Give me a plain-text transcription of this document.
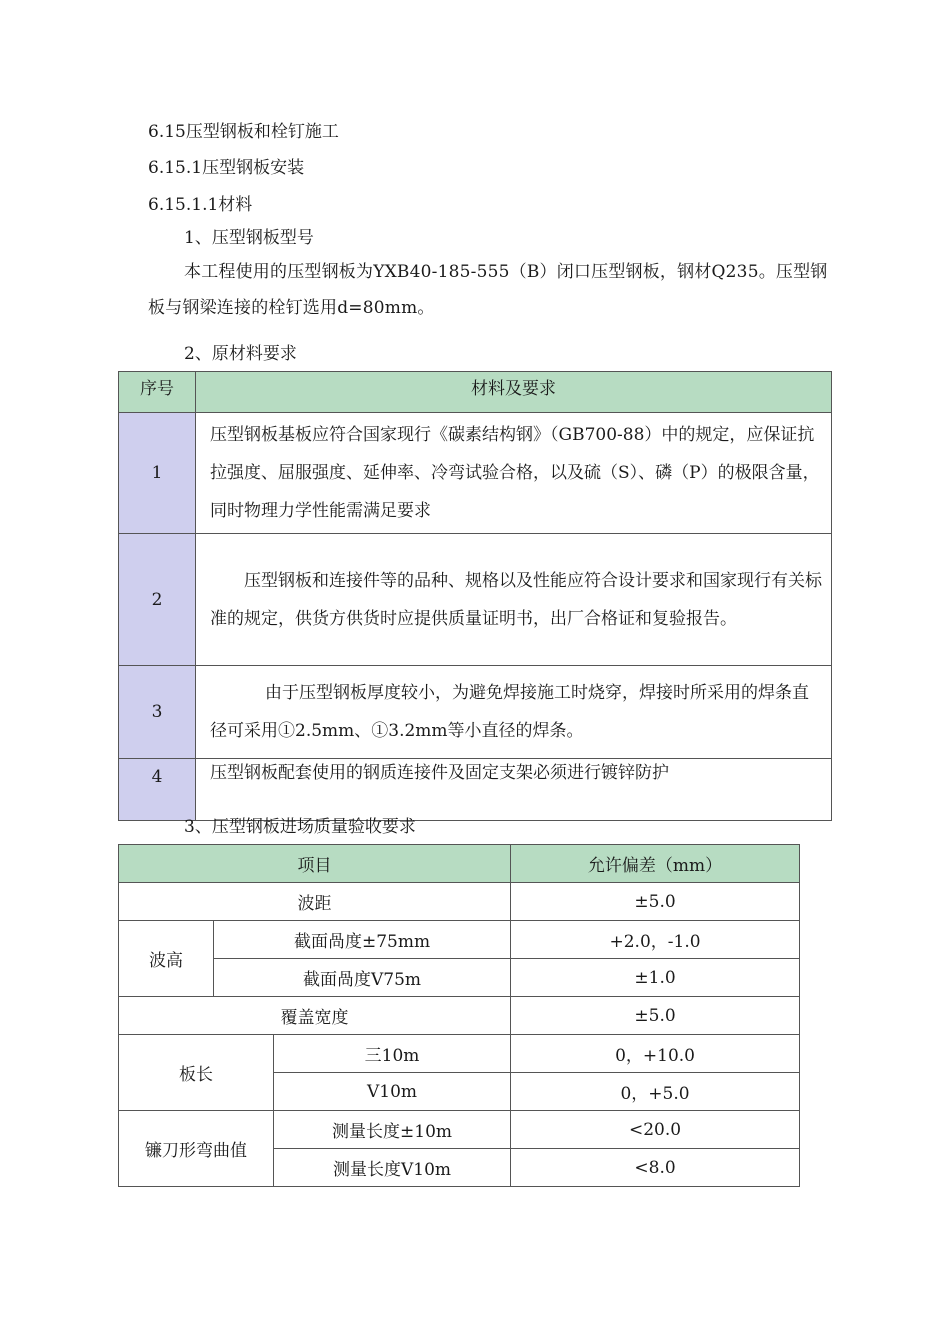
6.15压型钢板和栓钉施工
6.15.1压型钢板安装
6.15.1.1材料
1、压型钢板型号
本工程使用的压型钢板为YXB40-185-555（B）闭口压型钢板，钢材Q235。压型钢板与钢梁连接的栓钉选用d=80mm。
2、原材料要求
序号	材料及要求
1	压型钢板基板应符合国家现行《碳素结构钢》（GB700-88）中的规定，应保证抗拉强度、屈服强度、延伸率、冷弯试验合格，以及硫（S）、磷（P）的极限含量，同时物理力学性能需满足要求
2	压型钢板和连接件等的品种、规格以及性能应符合设计要求和国家现行有关标准的规定，供货方供货时应提供质量证明书，出厂合格证和复验报告。
3	由于压型钢板厚度较小，为避免焊接施工时烧穿，焊接时所采用的焊条直径可采用①2.5mm、①3.2mm等小直径的焊条。
4	压型钢板配套使用的钢质连接件及固定支架必须进行镀锌防护
3、压型钢板进场质量验收要求
项目			允许偏差（mm）
波距			±5.0
波高	截面咼度±75mm		+2.0，-1.0
	截面咼度V75m		±1.0
覆盖宽度			±5.0
板长		三10m	0，+10.0
		V10m	0，+5.0
镰刀形弯曲值		测量长度±10m	<20.0
		测量长度V10m	<8.0
